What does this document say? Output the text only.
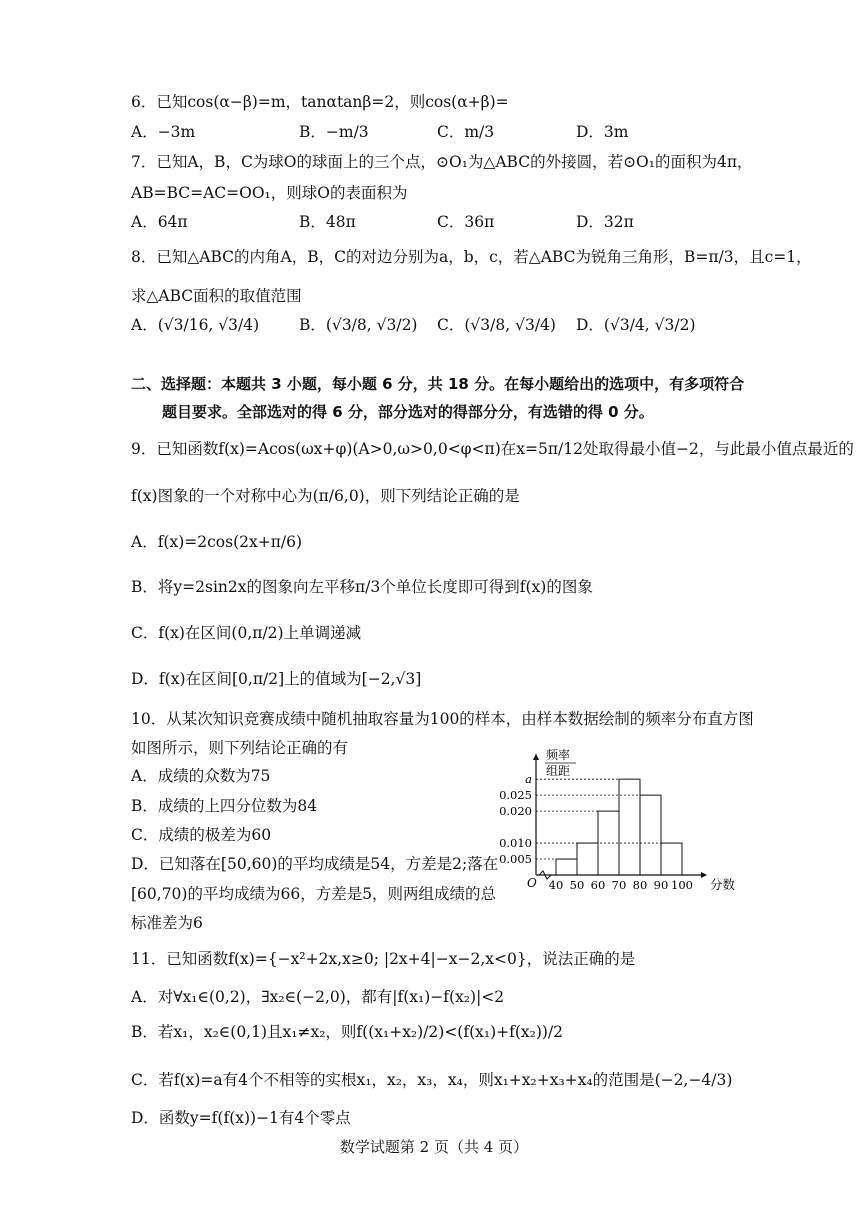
6．已知cos(α−β)=m，tanαtanβ=2，则cos(α+β)=
A．−3m	B．−m/3	C．m/3	D．3m
7．已知A，B，C为球O的球面上的三个点，⊙O₁为△ABC的外接圆，若⊙O₁的面积为4π，
AB=BC=AC=OO₁，则球O的表面积为
A．64π	B．48π	C．36π	D．32π
8．已知△ABC的内角A，B，C的对边分别为a，b，c，若△ABC为锐角三角形，B=π/3，且c=1，
求△ABC面积的取值范围
A．(√3/16, √3/4)	B．(√3/8, √3/2) C．(√3/8, √3/4) D．(√3/4, √3/2)
二、选择题：本题共 3 小题，每小题 6 分，共 18 分。在每小题给出的选项中，有多项符合
题目要求。全部选对的得 6 分，部分选对的得部分分，有选错的得 0 分。
9．已知函数f(x)=Acos(ωx+φ)(A>0,ω>0,0<φ<π)在x=5π/12处取得最小值−2，与此最小值点最近的
f(x)图象的一个对称中心为(π/6,0)，则下列结论正确的是
A．f(x)=2cos(2x+π/6)
B．将y=2sin2x的图象向左平移π/3个单位长度即可得到f(x)的图象
C．f(x)在区间(0,π/2)上单调递减
D．f(x)在区间[0,π/2]上的值域为[−2,√3]
10．从某次知识竞赛成绩中随机抽取容量为100的样本，由样本数据绘制的频率分布直方图
如图所示，则下列结论正确的有
A．成绩的众数为75
B．成绩的上四分位数为84
C．成绩的极差为60
D．已知落在[50,60)的平均成绩是54，方差是2;落在
[60,70)的平均成绩为66，方差是5，则两组成绩的总
标准差为6
频率
组距
O
0.005
0.010
0.020
0.025
a
40 50 60 70 80 90 100 分数
11．已知函数f(x)={−x²+2x,x≥0; |2x+4|−x−2,x<0}，说法正确的是
A．对∀x₁∈(0,2)，∃x₂∈(−2,0)，都有|f(x₁)−f(x₂)|<2
B．若x₁，x₂∈(0,1)且x₁≠x₂，则f((x₁+x₂)/2)<(f(x₁)+f(x₂))/2
C．若f(x)=a有4个不相等的实根x₁，x₂，x₃，x₄，则x₁+x₂+x₃+x₄的范围是(−2,−4/3)
D．函数y=f(f(x))−1有4个零点
数学试题第 2 页（共 4 页）
